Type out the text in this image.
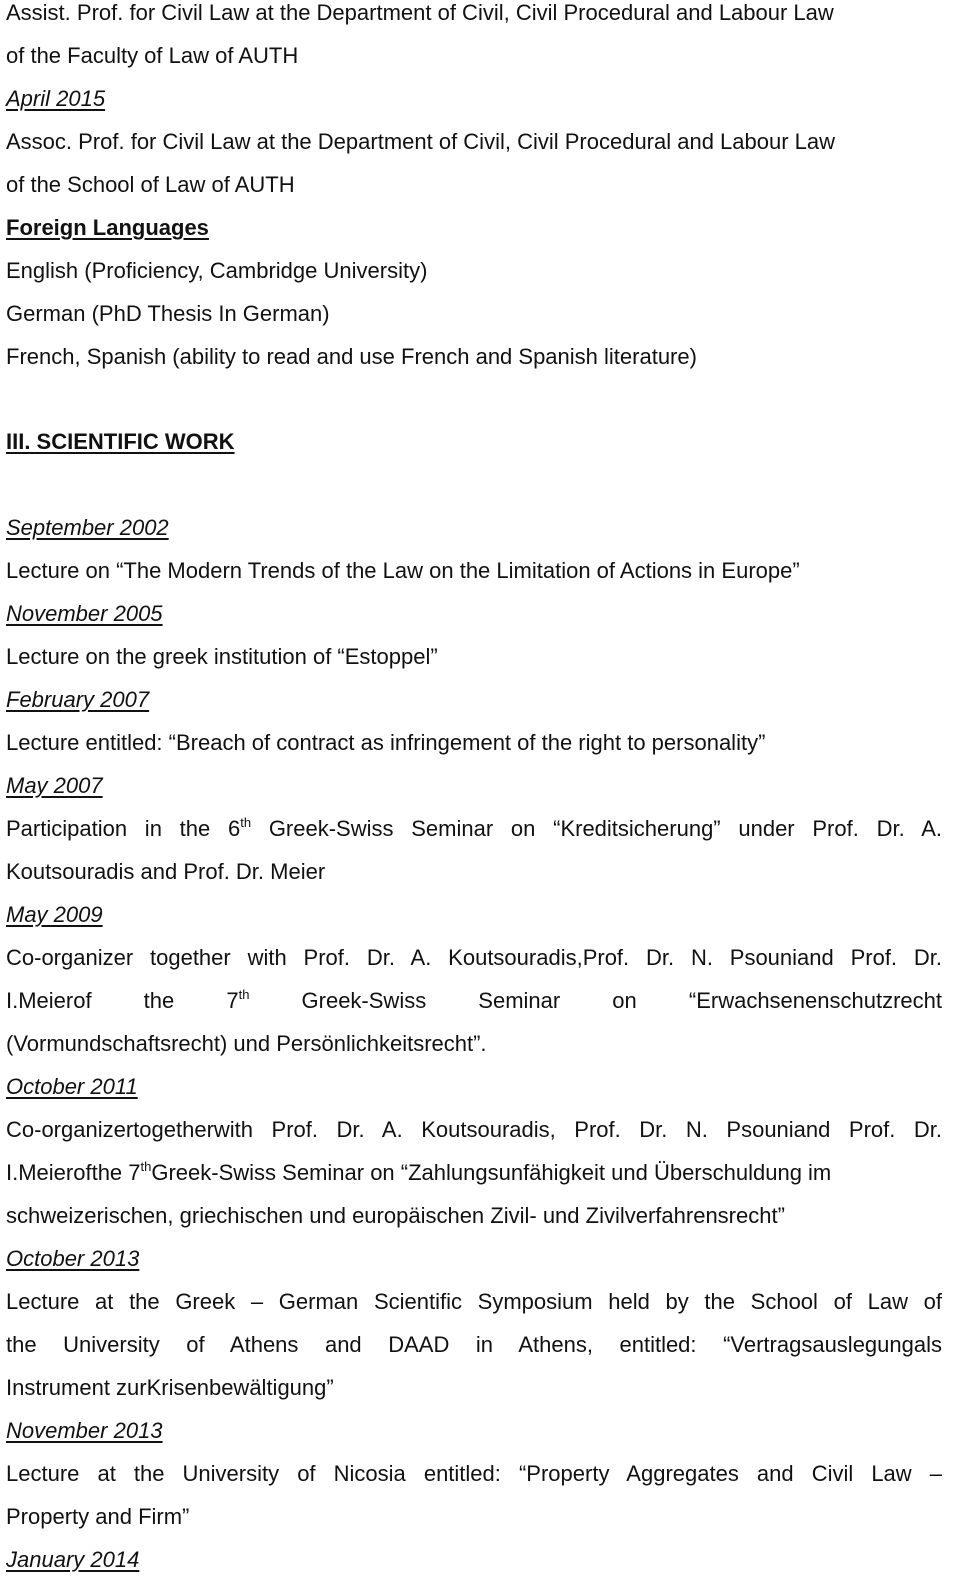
Assist. Prof. for Civil Law at the Department of Civil, Civil Procedural and Labour Law
of the Faculty of Law of AUTH
April 2015
Assoc. Prof. for Civil Law at the Department of Civil, Civil Procedural and Labour Law
of the School of Law of AUTH
Foreign Languages
English (Proficiency, Cambridge University)
German (PhD Thesis In German)
French, Spanish (ability to read and use French and Spanish literature)
III. SCIENTIFIC WORK
September 2002
Lecture on “The Modern Trends of the Law on the Limitation of Actions in Europe”
November 2005
Lecture on the greek institution of “Estoppel”
February 2007
Lecture entitled: “Breach of contract as infringement of the right to personality”
May 2007
Participation in the 6th Greek-Swiss Seminar on “Kreditsicherung” under Prof. Dr. A.
Koutsouradis and Prof. Dr. Meier
May 2009
Co-organizer together with Prof. Dr. A. Koutsouradis,Prof. Dr. N. Psouniand Prof. Dr.
I.Meierof the 7th Greek-Swiss Seminar on “Erwachsenenschutzrecht
(Vormundschaftsrecht) und Persönlichkeitsrecht”.
October 2011
Co-organizertogetherwith Prof. Dr. A. Koutsouradis, Prof. Dr. N. Psouniand Prof. Dr.
I.Meierofthe 7thGreek-Swiss Seminar on “Zahlungsunfähigkeit und Überschuldung im
schweizerischen, griechischen und europäischen Zivil- und Zivilverfahrensrecht”
October 2013
Lecture at the Greek – German Scientific Symposium held by the School of Law of
the University of Athens and DAAD in Athens, entitled: “Vertragsauslegungals
Instrument zurKrisenbewältigung”
November 2013
Lecture at the University of Nicosia entitled: “Property Aggregates and Civil Law –
Property and Firm”
January 2014
